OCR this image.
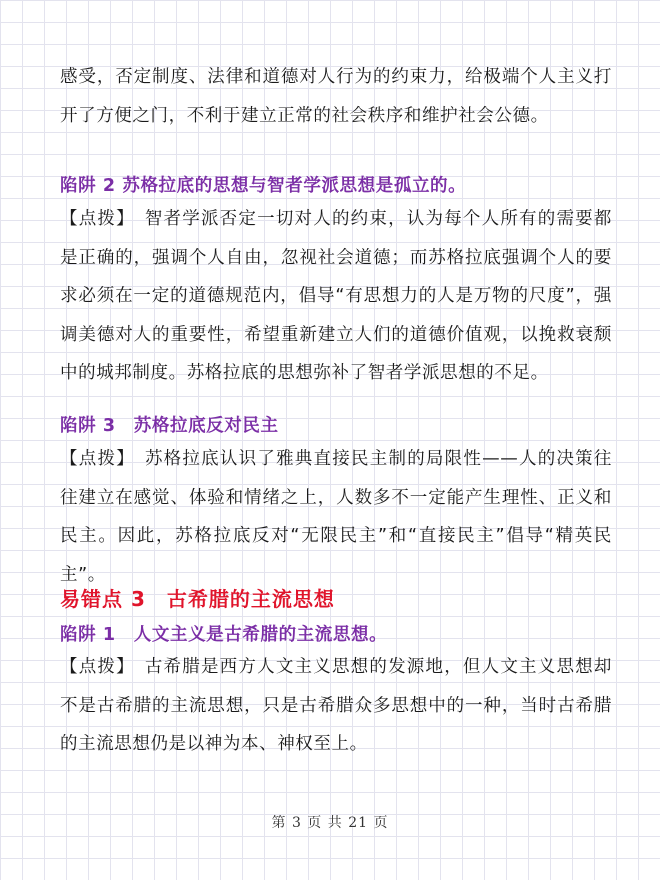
感受，否定制度、法律和道德对人行为的约束力，给极端个人主义打开了方便之门，不利于建立正常的社会秩序和维护社会公德。

陷阱 2 苏格拉底的思想与智者学派思想是孤立的。

【点拨】 智者学派否定一切对人的约束，认为每个人所有的需要都是正确的，强调个人自由，忽视社会道德；而苏格拉底强调个人的要求必须在一定的道德规范内，倡导“有思想力的人是万物的尺度”，强调美德对人的重要性，希望重新建立人们的道德价值观，以挽救衰颓中的城邦制度。苏格拉底的思想弥补了智者学派思想的不足。

陷阱 3　苏格拉底反对民主

【点拨】 苏格拉底认识了雅典直接民主制的局限性——人的决策往往建立在感觉、体验和情绪之上，人数多不一定能产生理性、正义和民主。因此，苏格拉底反对“无限民主”和“直接民主”倡导“精英民主”。

易错点 3　古希腊的主流思想
陷阱 1　人文主义是古希腊的主流思想。

【点拨】 古希腊是西方人文主义思想的发源地，但人文主义思想却不是古希腊的主流思想，只是古希腊众多思想中的一种，当时古希腊的主流思想仍是以神为本、神权至上。

第 3 页 共 21 页
